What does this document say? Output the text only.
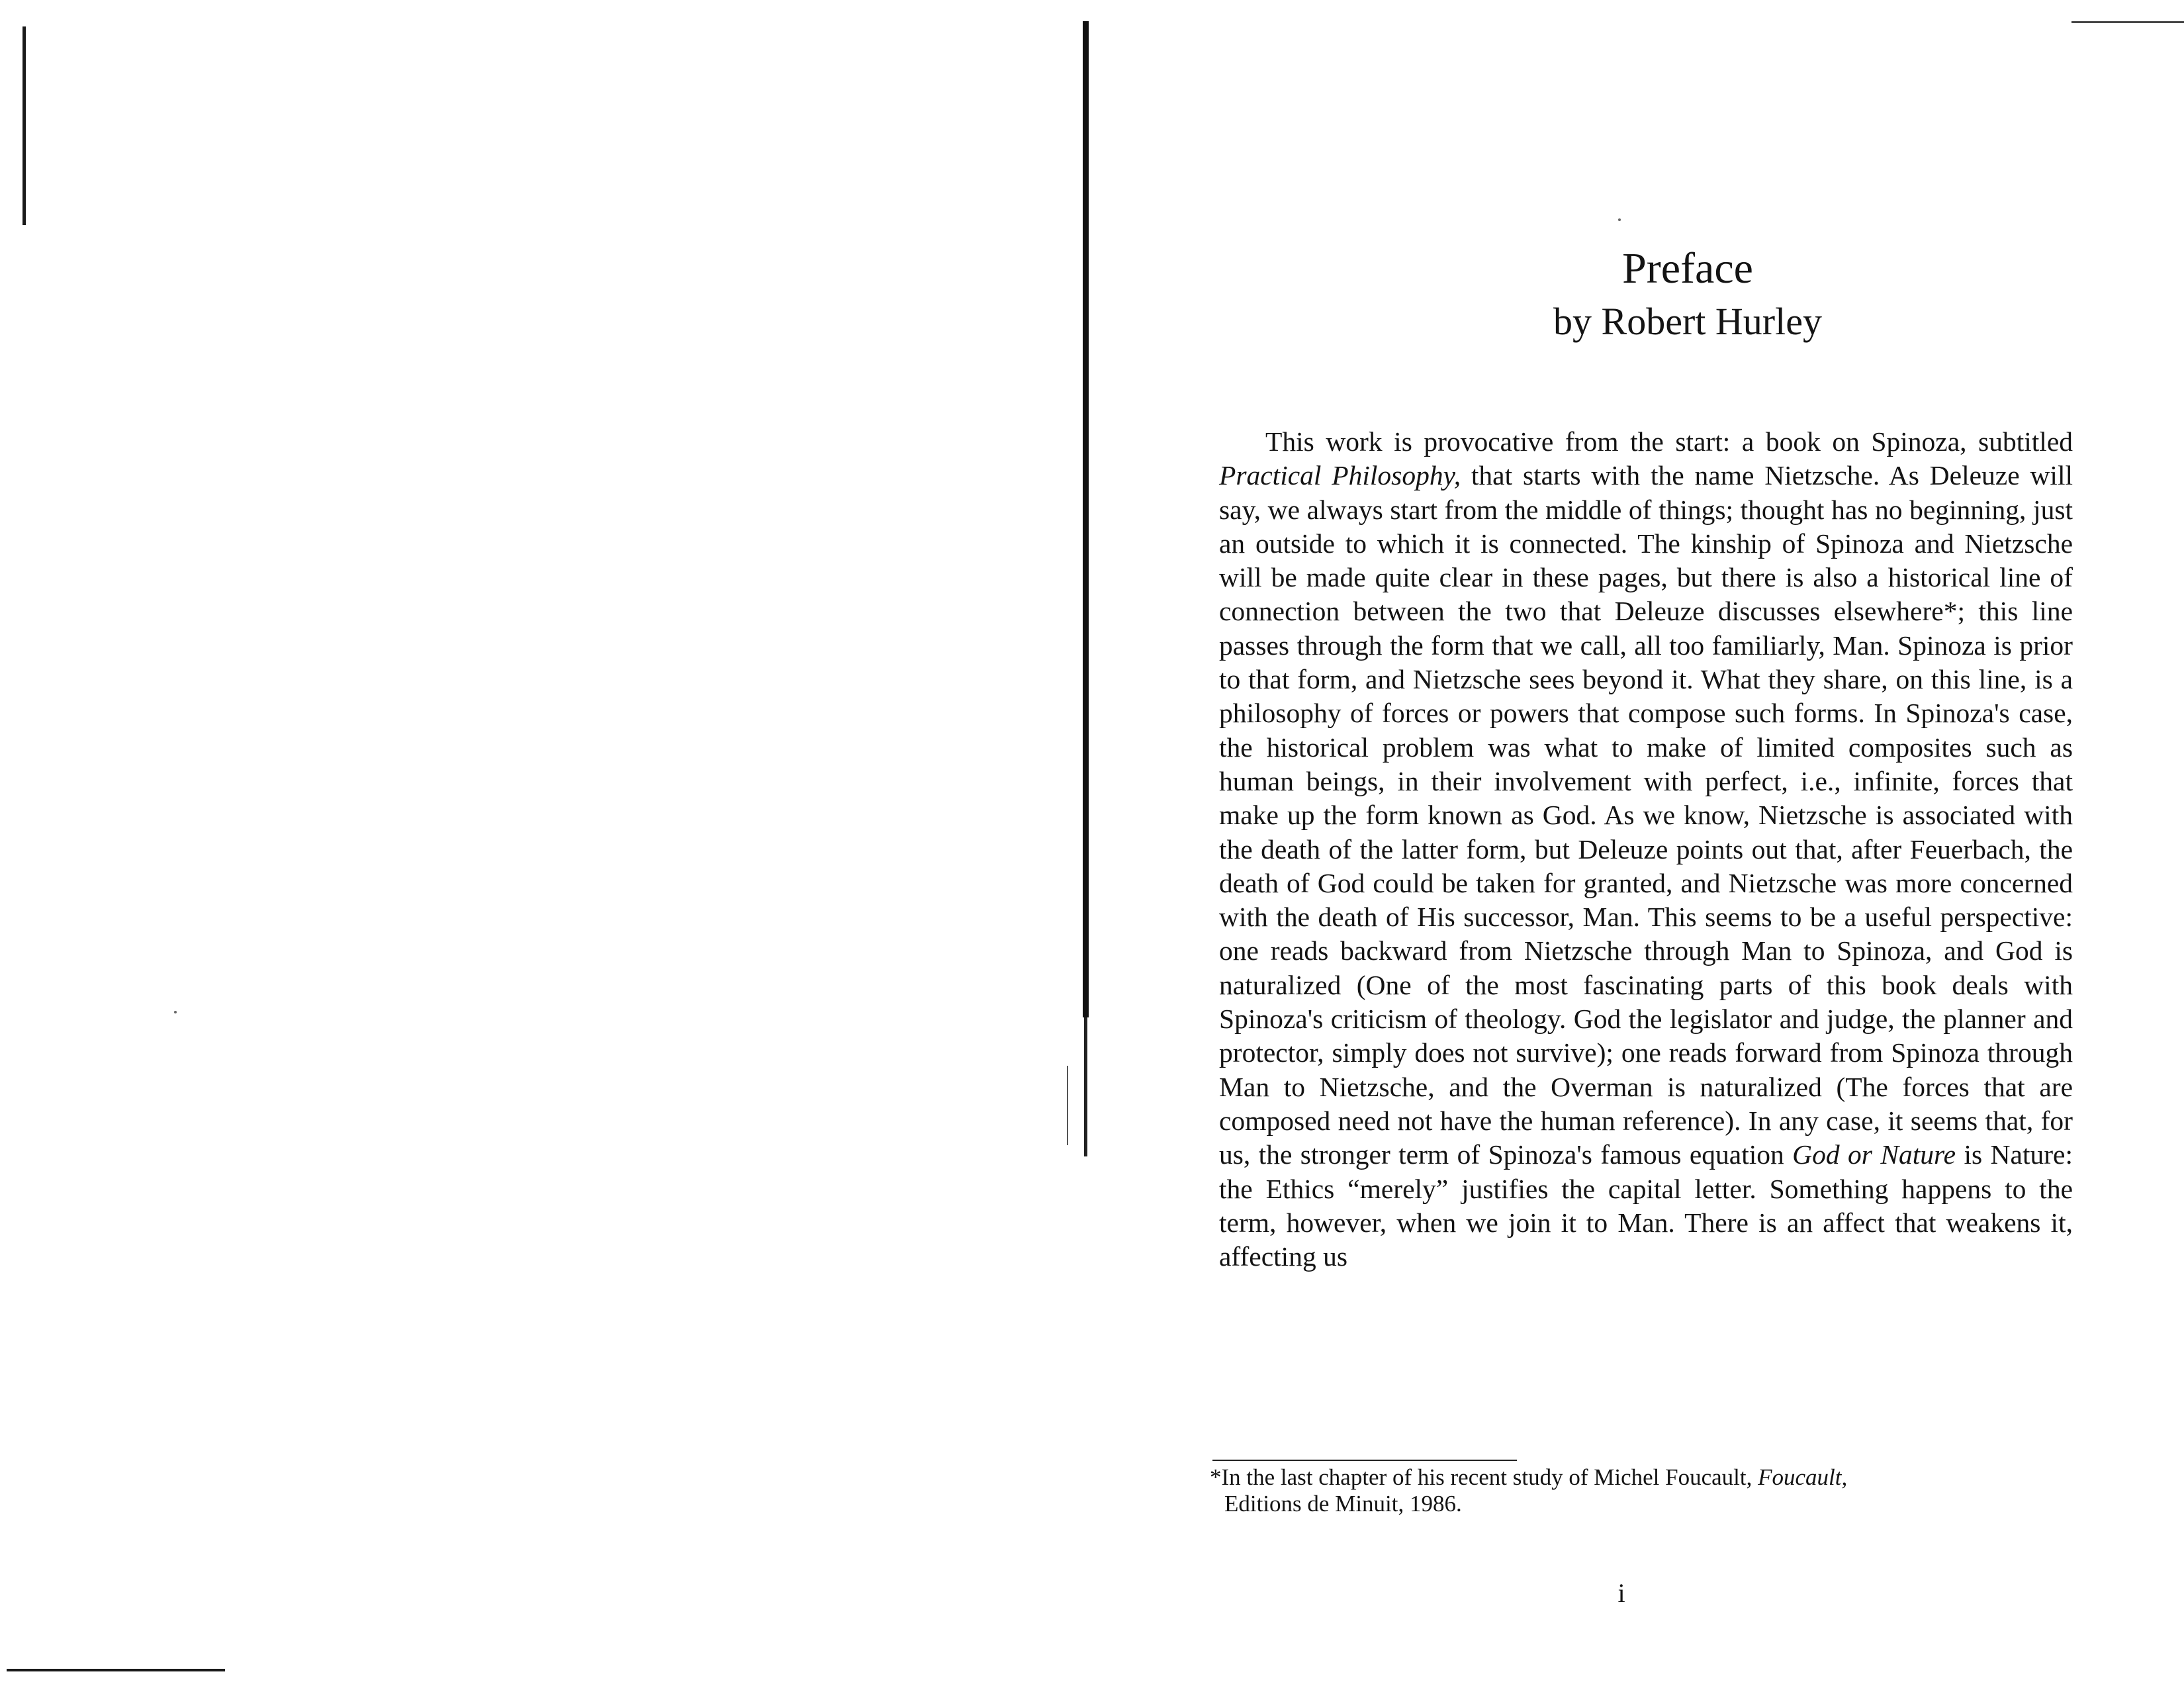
Preface
by Robert Hurley
This work is provocative from the start: a book on Spinoza, subtitled Practical Philosophy, that starts with the name Nietzsche. As Deleuze will say, we always start from the middle of things; thought has no beginning, just an outside to which it is connected. The kinship of Spinoza and Nietzsche will be made quite clear in these pages, but there is also a historical line of connection between the two that Deleuze discusses elsewhere*; this line passes through the form that we call, all too familiarly, Man. Spinoza is prior to that form, and Nietzsche sees beyond it. What they share, on this line, is a philosophy of forces or powers that compose such forms. In Spinoza's case, the historical problem was what to make of limited composites such as human beings, in their involvement with perfect, i.e., infinite, forces that make up the form known as God. As we know, Nietzsche is associated with the death of the latter form, but Deleuze points out that, after Feuerbach, the death of God could be taken for granted, and Nietzsche was more concerned with the death of His successor, Man. This seems to be a useful perspective: one reads backward from Nietzsche through Man to Spinoza, and God is naturalized (One of the most fascinating parts of this book deals with Spinoza's criticism of theology. God the legislator and judge, the planner and protector, simply does not survive); one reads forward from Spinoza through Man to Nietzsche, and the Overman is naturalized (The forces that are composed need not have the human reference). In any case, it seems that, for us, the stronger term of Spinoza's famous equation God or Nature is Nature: the Ethics “merely” justifies the capital letter. Something happens to the term, however, when we join it to Man. There is an affect that weakens it, affecting us
*In the last chapter of his recent study of Michel Foucault, Foucault,
Editions de Minuit, 1986.
i
